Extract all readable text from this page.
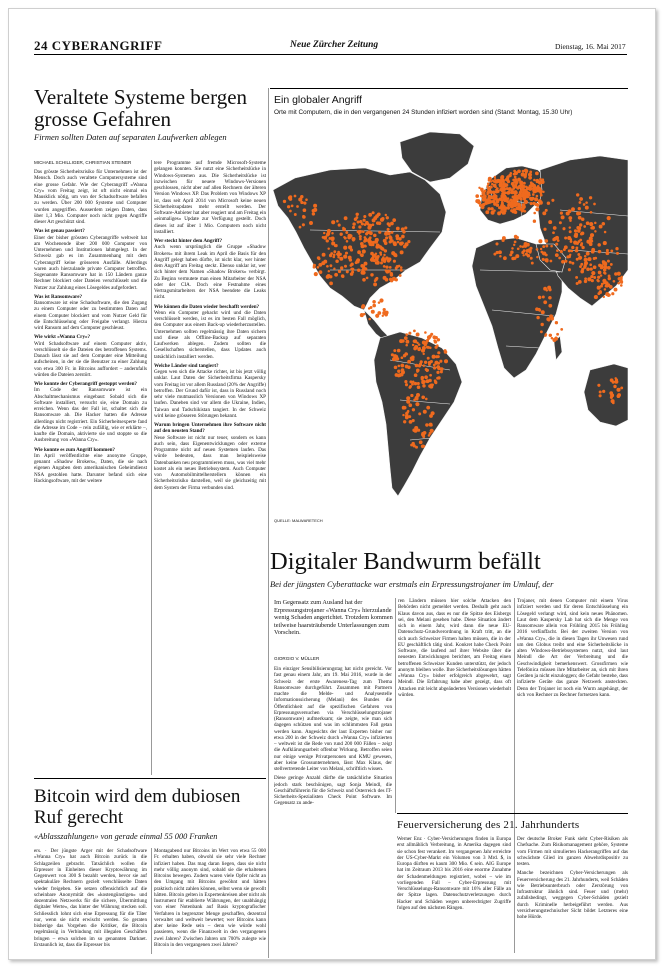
24 CYBERANGRIFF	Neue Zürcher Zeitung	Dienstag, 16. Mai 2017
Veraltete Systeme bergen grosse Gefahren
Firmen sollten Daten auf separaten Laufwerken ablegen
MICHAEL SCHILLIGER, CHRISTIAN STEINER

Das grösste Sicherheitsrisiko für Unternehmen ist der Mensch. Doch auch veraltete Computersysteme sind eine grosse Gefahr. Wie der Cyberangriff «Wanna Cry» vom Freitag zeigt, ist oft nicht einmal ein Mausklick nötig, um von der Schadsoftware befallen zu werden. Über 200 000 Systeme und Computer wurden angegriffen. Ausserdem zeigen Daten, dass über 1,3 Mio. Computer noch nicht gegen Angriffe dieser Art geschützt sind.

Was ist genau passiert?

Einer der bisher grössten Cyberangriffe weltweit hat am Wochenende über 200 000 Computer von Unternehmen und Institutionen lahmgelegt. In der Schweiz gab es im Zusammenhang mit dem Cyberangriff keine grösseren Ausfälle. Allerdings waren auch hierzulande private Computer betroffen. Sogenannte Ransomware hat in 150 Ländern ganze Rechner blockiert oder Dateien verschlüsselt und die Nutzer zur Zahlung eines Lösegeldes aufgefordert.

Was ist Ransomware?

Ransomware ist eine Schadsoftware, die den Zugang zu einem Computer oder zu bestimmten Daten auf einem Computer blockiert und vom Nutzer Geld für die Entschlüsselung oder Freigabe verlangt. Hierzu wird Ransom auf dem Computer geschleust.

Wie wirkt «Wanna Cry»?

Wird Schadsoftware auf einem Computer aktiv, verschlüsselt sie die Dateien des betroffenen Systems. Danach lässt sie auf dem Computer eine Mitteilung aufscheinen, in der sie die Benutzer zu einer Zahlung von etwa 300 Fr. in Bitcoins auffordert – andernfalls würden die Dateien zerstört.

Wie konnte der Cyberangriff gestoppt werden?

Im Code der Ransomware ist ein Abschaltmechanismus eingebaut: Sobald sich die Software installiert, versucht sie, eine Domain zu erreichen. Wenn das der Fall ist, schaltet sich die Ransomware ab. Die Hacker hatten die Adresse allerdings nicht registriert. Ein Sicherheitsexperte fand die Adresse im Code – rein zufällig, wie er erklärte –, kaufte die Domain, aktivierte sie und stoppte so die Ausbreitung von «Wanna Cry».

Wie konnte es zum Angriff kommen?

Im April veröffentlichte eine anonyme Gruppe, genannt «Shadow Brokers», Daten, die sie nach eigenen Angaben dem amerikanischen Geheimdienst NSA gestohlen hatte. Darunter befand sich eine Hackingsoftware, mit der weitere

tere Programme auf fremde Microsoft-Systeme gelangen konnten. Sie nutzt eine Sicherheitslücke in Windows-Systemen aus. Die Sicherheitslücke ist inzwischen für neuere Windows-Versionen geschlossen, nicht aber auf allen Rechnern der älteren Version Windows XP. Das Problem von Windows XP ist, dass seit April 2014 von Microsoft keine neuen Sicherheitsupdates mehr erstellt werden. Der Software-Anbieter hat aber reagiert und am Freitag ein «einmaliges» Update zur Verfügung gestellt. Doch dieses ist auf über 1 Mio. Computern noch nicht installiert.

Wer steckt hinter dem Angriff?

Auch wenn ursprünglich die Gruppe «Shadow Brokers» mit ihrem Leak im April die Basis für den Angriff gelegt haben dürfte, ist nicht klar, wer hinter dem Angriff am Freitag steckt. Ebenso unklar ist, wer sich hinter dem Namen «Shadow Brokers» verbirgt. Zu Beginn vermutete man einen Mitarbeiter der NSA oder der CIA. Doch eine Festnahme eines Vertragsmitarbeiters der NSA beendete die Leaks nicht.

Wie können die Daten wieder beschafft werden?

Wenn ein Computer gehackt wird und die Daten verschlüsselt werden, ist es im besten Fall möglich, den Computer aus einem Back-up wiederherzustellen. Unternehmen sollten regelmässig ihre Daten sichern und diese als Offline-Backup auf separaten Laufwerken ablegen. Zudem sollten die Gesellschaften sicherstellen, dass Updates auch tatsächlich installiert werden.

Welche Länder sind tangiert?

Gegen wen sich die Attacke richtet, ist bis jetzt völlig unklar. Laut Daten der Sicherheitsfirma Kaspersky vom Freitag ist vor allem Russland (20% der Angriffe) betroffen. Der Grund dafür ist, dass in Russland noch sehr viele mutmasslich Versionen von Windows XP laufen. Daneben sind vor allem die Ukraine, Indien, Taiwan und Tadschikistan tangiert. In der Schweiz wird keine grösseren Störungen bekannt.

Warum bringen Unternehmen ihre Software nicht auf den neusten Stand?

Neue Software ist nicht nur teuer, sondern es kann auch sein, dass Eigenentwicklungen oder externe Programme nicht auf neuen Systemen laufen. Das würde bedeuten, dass man beispielsweise Datenbanken neu programmieren muss, was viel mehr kostet als ein neues Betriebssystem. Auch Computer von Automobilmittelherstellern können ein Sicherheitsrisiko darstellen, weil sie gleichzeitig mit dem System der Firma verbunden sind.

Ein globaler Angriff
Orte mit Computern, die in den vergangenen 24 Stunden infiziert worden sind (Stand: Montag, 15.30 Uhr)
QUELLE: MALWARETECH
Digitaler Bandwurm befällt
Bei der jüngsten Cyberattacke war erstmals ein Erpressungstrojaner im Umlauf, der
Im Gegensatz zum Ausland hat der Erpressungstrojaner «Wanna Cry» hierzulande wenig Schaden angerichtet. Trotzdem kommen teilweise haarsträubende Unterlassungen zum Vorschein.
GIORGIO V. MÜLLER

Ein einziger Sensibilisierungstag hat nicht gereicht. Vor fast genau einem Jahr, am 19. Mai 2016, wurde in der Schweiz der erste Awareness-Tag zum Thema Ransomware durchgeführt. Zusammen mit Partnern machte die Melde- und Analysestelle Informationssicherung (Melani) des Bundes die Öffentlichkeit auf die spezifischen Gefahren von Erpressungsversuchen via Verschlüsselungstrojaner (Ransomware) aufmerksam; sie zeigte, wie man sich dagegen schützen und was im schlimmsten Fall getan werden kann. Angesichts der laut Experten bisher nur etwa 200 in der Schweiz durch «Wanna Cry» infizierten – weltweit ist die Rede von rund 200 000 Fällen – zeigt die Aufklärungsarbeit offenbar Wirkung. Betroffen seien nur einige wenige Privatpersonen und KMU gewesen, aber keine Grossunternehmen, lässt Max Klaus, der stellvertretende Leiter von Melani, schriftlich wissen.

Diese geringe Anzahl dürfte die tatsächliche Situation jedoch stark beschönigen, sagt Sonja Meindl, die Geschäftsführerin für die Schweiz und Österreich des IT-Sicherheits-Spezialisten Check Point Software. Im Gegensatz zu ande-

ren Ländern müssen hier solche Attacken den Behörden nicht gemeldet werden. Deshalb geht auch Klaus davon aus, dass es nur die Spitze des Eisbergs sei, den Melani gesehen habe. Diese Situation ändert sich in einem Jahr, wird dann die neue EU-Datenschutz-Grundverordnung in Kraft tritt, an die sich auch Schweizer Firmen halten müssen, die in der EU geschäftlich tätig sind. Konkret habe Check Point Software, die laufend auf ihrer Website über die neuesten Entwicklungen berichtet, am Freitag einen betroffenen Schweizer Kunden unterstützt, der jedoch anonym bleiben wolle. Ihre Sicherheitslösungen hätten «Wanna Cry» bisher erfolgreich abgewehrt, sagt Meindl. Die Erfahrung habe aber gezeigt, dass oft Attacken mit leicht abgeänderten Versionen wiederholt würden.

Trojaner, mit denen Computer mit einem Virus infiziert werden und für deren Entschlüsselung ein Lösegeld verlangt wird, sind kein neues Phänomen. Laut dem Kaspersky Lab hat sich die Menge von Ransomware allein von Frühling 2015 bis Frühling 2016 verfünffacht. Bei der zweiten Version von «Wanna Cry», die in diesen Tagen ihr Unwesen rund um den Globus treibt und eine Sicherheitslücke in alten Windows-Betriebssystemen nutzt, sind laut Meindl die Art der Verbreitung und die Geschwindigkeit bemerkenswert. Grossfirmen wie Telefónica müssen ihre Mitarbeiter an, sich mit ihren Geräten ja nicht einzuloggen; die Gefahr bestehe, dass infizierte Geräte das ganze Netzwerk ansteckten. Denn der Trojaner ist noch ein Wurm angehängt, der sich von Rechner zu Rechner fortsetzen kann.

Bitcoin wird dem dubiosen Ruf gerecht
«Ablasszahlungen» von gerade einmal 55 000 Franken

ers. · Der jüngste Ärger mit der Schadsoftware «Wanna Cry» hat auch Bitcoin zurück in die Schlagzeilen gebracht. Tatsächlich wollen die Erpresser in Einheiten dieser Kryptowährung im Gegenwert von 300 $ bezahlt werden, bevor sie auf spektakuläre Rechnern gezielt verschlüsselte Daten wieder freigeben. Sie setzen offensichtlich auf die scheinbare Anonymität des «kostengünstigen» und dezentralen Netzwerks für die sichere, Übermittlung digitaler Werte», das hinter der Währung stecken soll. Schliesslich lohnt sich eine Erpressung für die Täter nur, wenn sie nicht erwischt werden. So geraten bisherige das Vorgehen die Kritiker, die Bitcoin regelmässig in Verbindung mit illegalen Geschäften bringen – etwa solchen im so genannten Darknet. Erstaunlich ist, dass die Erpresser bis

Montagabend nur Bitcoins im Wert von etwa 55 000 Fr. erhalten haben, obwohl sie sehr viele Rechner infiziert haben. Das mag daran liegen, dass sie nicht mehr völlig anonym sind, sobald sie die erhaltenen Bitcoins bewegen. Zudem waren viele Opfer nicht an den Umgang mit Bitcoins gewöhnt und hätten praktisch nicht zahlen können, selbst wenn sie gewollt hätten. Bitcoin gelten in Expertenkreisen aber nicht als Instrument für etablierte Währungen, der unabhängig von einer Notenbank auf Basis kryptografischer Verfahren in begrenzter Menge geschaffen, dezentral verwaltet und weltweit bewertet; wer Bitcoins kann aber keine Rede sein – denn wie würde wohl passieren, wenn die Finanzwelt in den vergangenen zwei Jahren? Zwischen Jahren um 700% zulegte wie Bitcoin in den vergangenen zwei Jahren?

Feuerversicherung des 21. Jahrhunderts

Werner Enz · Cyber-Versicherungen finden in Europa erst allmählich Verbreitung, in Amerika dagegen sind sie schon fest verankert. Im vergangenen Jahr erreichte der US-Cyber-Markt ein Volumen von 3 Mrd. $, in Europa dürften es kaum 300 Mio. € sein. AIG Europe hat im Zeitraum 2013 bis 2016 eine enorme Zunahme der Schadenmeldungen registriert, wobei – wie im vorliegenden Fall – Cyber-Erpressung mit Verschlüsselungs-Ransomware mit 16% aller Fälle an der Spitze lagen. Datenschutzverletzungen durch Hacker und Schäden wegen unberechtigter Zugriffe folgen auf den nächsten Rängen.

Der deutsche Broker Funk sieht Cyber-Risiken als Chefsache. Zum Risikomanagement gehöre, Systeme vom Firmen mit simulierten Hackerangriffen auf das schwächste Glied im ganzen Abwehrdispositiv zu testen.

Manche bezeichnen Cyber-Versicherungen als Feuerversicherung des 21. Jahrhunderts, weil Schäden wie Betriebsunterbruch oder Zerstörung von Infrastruktur ähnlich sind. Feuer und (mehr) zufallsbedingt, weggegen Cyber-Schäden gezielt durch Kriminelle herbeigeführt werden. Aus versicherungstechnischer Sicht bildet Letzteres eine hohe Hürde.
